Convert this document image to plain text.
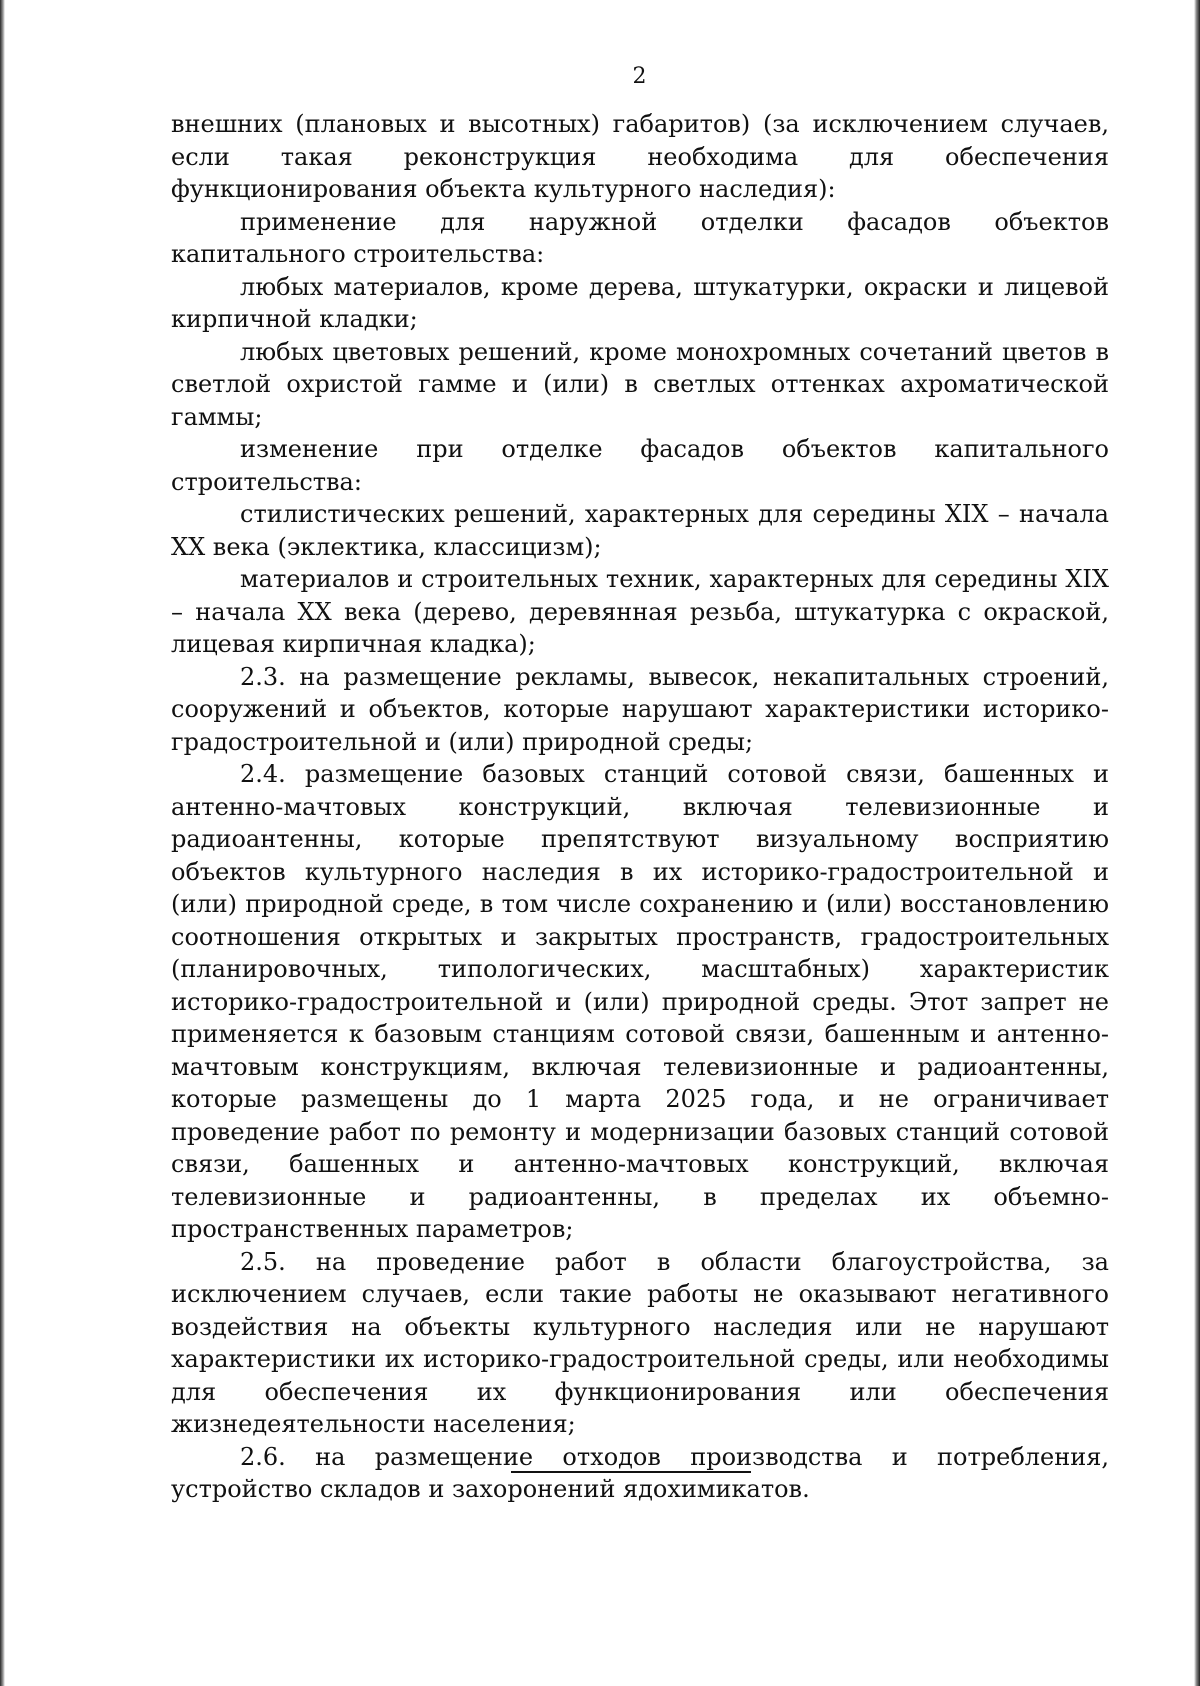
2

внешних (плановых и высотных) габаритов) (за исключением случаев, если такая реконструкция необходима для обеспечения функционирования объекта культурного наследия):

применение для наружной отделки фасадов объектов капитального строительства:

любых материалов, кроме дерева, штукатурки, окраски и лицевой кирпичной кладки;

любых цветовых решений, кроме монохромных сочетаний цветов в светлой охристой гамме и (или) в светлых оттенках ахроматической гаммы;

изменение при отделке фасадов объектов капитального строительства:

стилистических решений, характерных для середины XIX – начала XX века (эклектика, классицизм);

материалов и строительных техник, характерных для середины XIX – начала XX века (дерево, деревянная резьба, штукатурка с окраской, лицевая кирпичная кладка);

2.3. на размещение рекламы, вывесок, некапитальных строений, сооружений и объектов, которые нарушают характеристики историко-градостроительной и (или) природной среды;

2.4. размещение базовых станций сотовой связи, башенных и антенно-мачтовых конструкций, включая телевизионные и радиоантенны, которые препятствуют визуальному восприятию объектов культурного наследия в их историко-градостроительной и (или) природной среде, в том числе сохранению и (или) восстановлению соотношения открытых и закрытых пространств, градостроительных (планировочных, типологических, масштабных) характеристик историко-градостроительной и (или) природной среды. Этот запрет не применяется к базовым станциям сотовой связи, башенным и антенно-мачтовым конструкциям, включая телевизионные и радиоантенны, которые размещены до 1 марта 2025 года, и не ограничивает проведение работ по ремонту и модернизации базовых станций сотовой связи, башенных и антенно-мачтовых конструкций, включая телевизионные и радиоантенны, в пределах их объемно-пространственных параметров;

2.5. на проведение работ в области благоустройства, за исключением случаев, если такие работы не оказывают негативного воздействия на объекты культурного наследия или не нарушают характеристики их историко-градостроительной среды, или необходимы для обеспечения их функционирования или обеспечения жизнедеятельности населения;

2.6. на размещение отходов производства и потребления, устройство складов и захоронений ядохимикатов.
